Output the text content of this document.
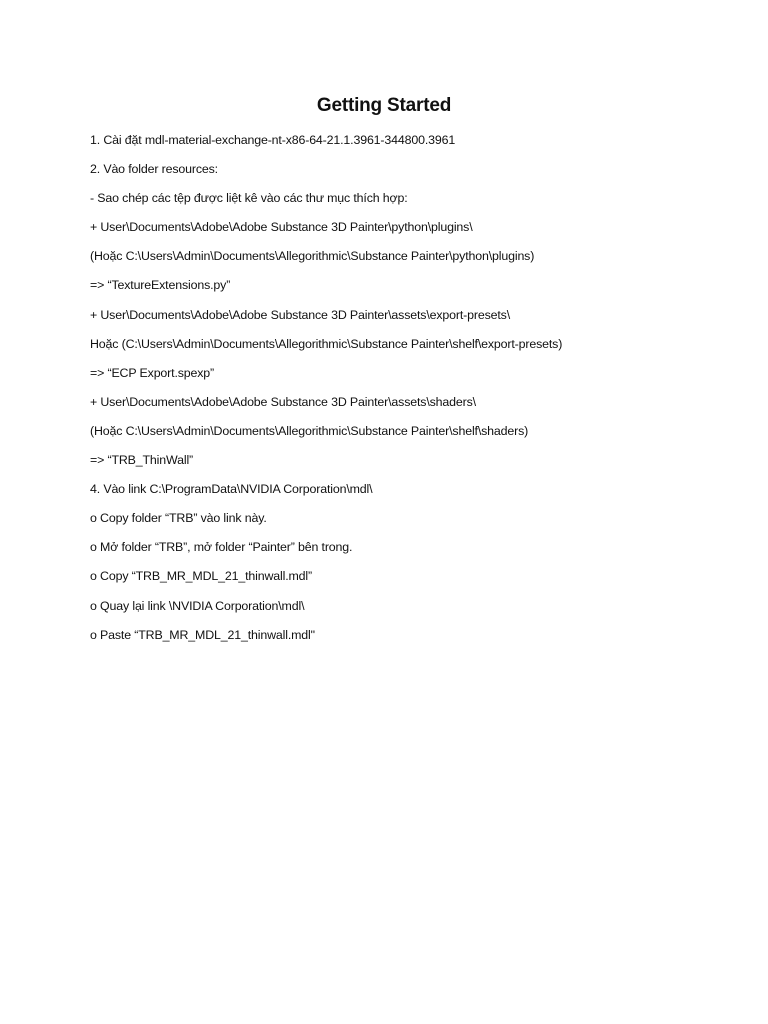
Getting Started
1. Cài đặt mdl-material-exchange-nt-x86-64-21.1.3961-344800.3961
2. Vào folder resources:
- Sao chép các tệp được liệt kê vào các thư mục thích hợp:
+ User\Documents\Adobe\Adobe Substance 3D Painter\python\plugins\
(Hoặc C:\Users\Admin\Documents\Allegorithmic\Substance Painter\python\plugins)
=> “TextureExtensions.py”
+ User\Documents\Adobe\Adobe Substance 3D Painter\assets\export-presets\
Hoặc (C:\Users\Admin\Documents\Allegorithmic\Substance Painter\shelf\export-presets)
=> “ECP Export.spexp”
+ User\Documents\Adobe\Adobe Substance 3D Painter\assets\shaders\
(Hoặc C:\Users\Admin\Documents\Allegorithmic\Substance Painter\shelf\shaders)
=> “TRB_ThinWall”
4. Vào link C:\ProgramData\NVIDIA Corporation\mdl\
o Copy folder “TRB” vào link này.
o Mở folder “TRB”, mở folder “Painter” bên trong.
o Copy “TRB_MR_MDL_21_thinwall.mdl”
o Quay lại link \NVIDIA Corporation\mdl\
o Paste “TRB_MR_MDL_21_thinwall.mdl"
